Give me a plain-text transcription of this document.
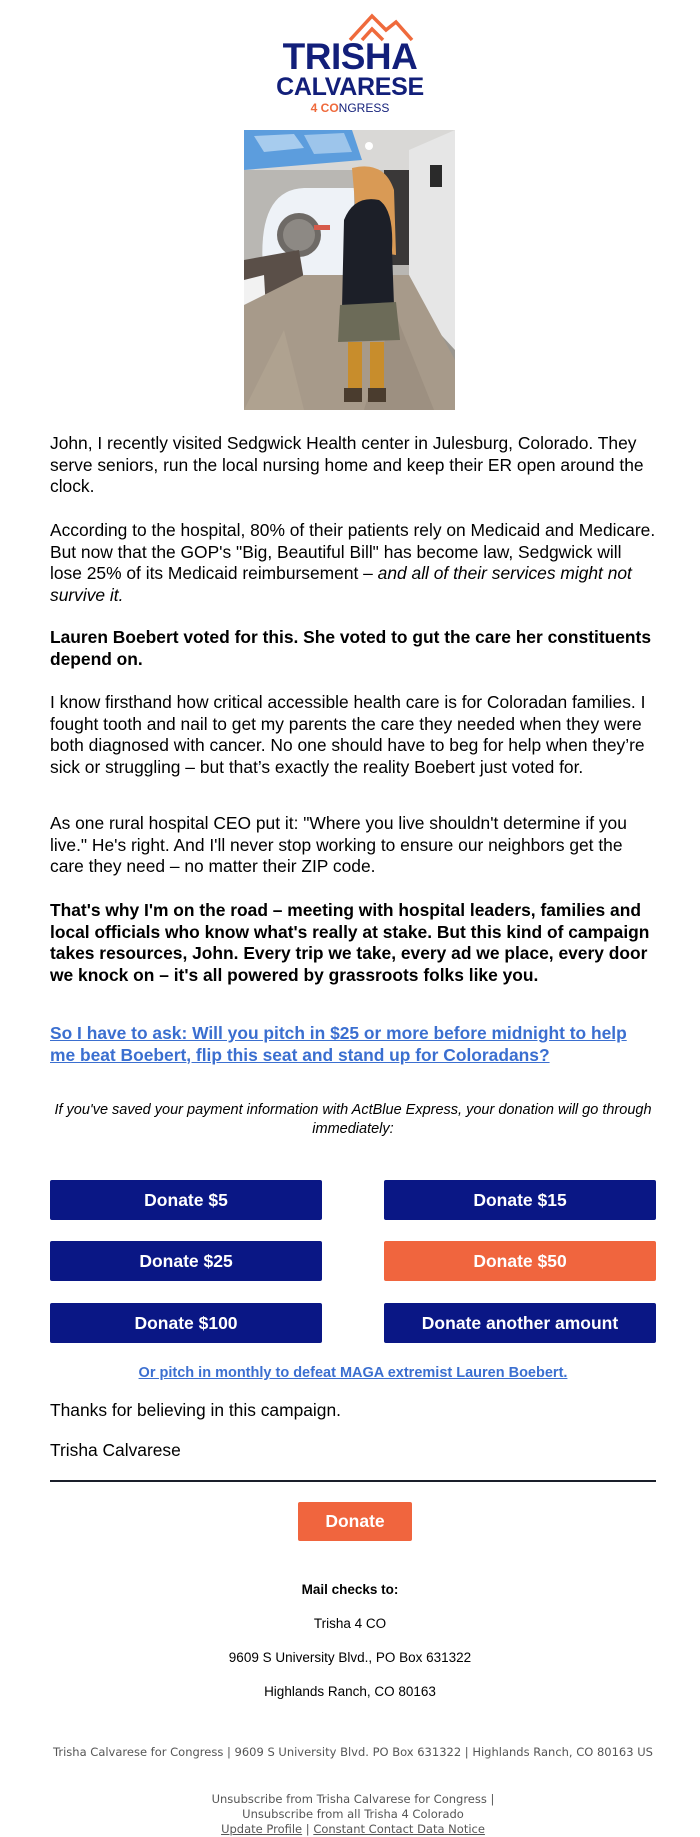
TRISHA
CALVARESE
4 CONGRESS

John, I recently visited Sedgwick Health center in Julesburg, Colorado. They serve seniors, run the local nursing home and keep their ER open around the clock.

According to the hospital, 80% of their patients rely on Medicaid and Medicare. But now that the GOP's "Big, Beautiful Bill" has become law, Sedgwick will lose 25% of its Medicaid reimbursement – and all of their services might not survive it.

Lauren Boebert voted for this. She voted to gut the care her constituents depend on.

I know firsthand how critical accessible health care is for Coloradan families. I fought tooth and nail to get my parents the care they needed when they were both diagnosed with cancer. No one should have to beg for help when they’re sick or struggling – but that’s exactly the reality Boebert just voted for.

As one rural hospital CEO put it: "Where you live shouldn't determine if you live." He's right. And I'll never stop working to ensure our neighbors get the care they need – no matter their ZIP code.

That's why I'm on the road – meeting with hospital leaders, families and local officials who know what's really at stake. But this kind of campaign takes resources, John. Every trip we take, every ad we place, every door we knock on – it's all powered by grassroots folks like you.

So I have to ask: Will you pitch in $25 or more before midnight to help me beat Boebert, flip this seat and stand up for Coloradans?
If you've saved your payment information with ActBlue Express, your donation will go through immediately:
Donate $5	Donate $15
Donate $25	Donate $50
Donate $100	Donate another amount
Or pitch in monthly to defeat MAGA extremist Lauren Boebert.
Thanks for believing in this campaign.
Trisha Calvarese
Donate
Mail checks to:
Trisha 4 CO
9609 S University Blvd., PO Box 631322
Highlands Ranch, CO 80163
Trisha Calvarese for Congress | 9609 S University Blvd. PO Box 631322 | Highlands Ranch, CO 80163 US
Unsubscribe from Trisha Calvarese for Congress |
Unsubscribe from all Trisha 4 Colorado
Update Profile | Constant Contact Data Notice
